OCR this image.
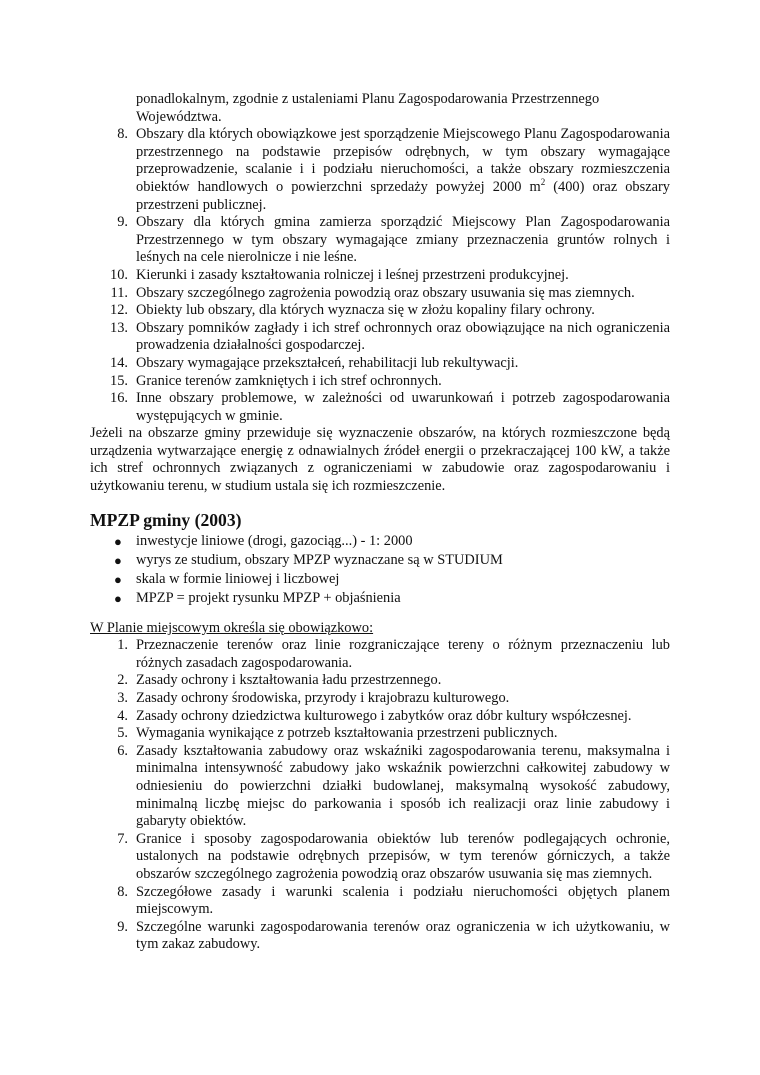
ponadlokalnym, zgodnie z ustaleniami Planu Zagospodarowania Przestrzennego
Województwa.
8. Obszary dla których obowiązkowe jest sporządzenie Miejscowego Planu Zagospodarowania przestrzennego na podstawie przepisów odrębnych, w tym obszary wymagające przeprowadzenie, scalanie i i podziału nieruchomości, a także obszary rozmieszczenia obiektów handlowych o powierzchni sprzedaży powyżej 2000 $m^2$ (400) oraz obszary przestrzeni publicznej.
9. Obszary dla których gmina zamierza sporządzić Miejscowy Plan Zagospodarowania Przestrzennego w tym obszary wymagające zmiany przeznaczenia gruntów rolnych i leśnych na cele nierolnicze i nie leśne.
10. Kierunki i zasady kształtowania rolniczej i leśnej przestrzeni produkcyjnej.
11. Obszary szczególnego zagrożenia powodzią oraz obszary usuwania się mas ziemnych.
12. Obiekty lub obszary, dla których wyznacza się w złożu kopaliny filary ochrony.
13. Obszary pomników zagłady i ich stref ochronnych oraz obowiązujące na nich ograniczenia prowadzenia działalności gospodarczej.
14. Obszary wymagające przekształceń, rehabilitacji lub rekultywacji.
15. Granice terenów zamkniętych i ich stref ochronnych.
16. Inne obszary problemowe, w zależności od uwarunkowań i potrzeb zagospodarowania występujących w gminie.

Jeżeli na obszarze gminy przewiduje się wyznaczenie obszarów, na których rozmieszczone będą urządzenia wytwarzające energię z odnawialnych źródeł energii o przekraczającej 100 kW, a także ich stref ochronnych związanych z ograniczeniami w zabudowie oraz zagospodarowaniu i użytkowaniu terenu, w studium ustala się ich rozmieszczenie.

MPZP gminy (2003)
● inwestycje liniowe (drogi, gazociąg...) - 1: 2000
● wyrys ze studium, obszary MPZP wyznaczane są w STUDIUM
● skala w formie liniowej i liczbowej
● MPZP = projekt rysunku MPZP + objaśnienia
W Planie miejscowym określa się obowiązkowo:
1. Przeznaczenie terenów oraz linie rozgraniczające tereny o różnym przeznaczeniu lub różnych zasadach zagospodarowania.
2. Zasady ochrony i kształtowania ładu przestrzennego.
3. Zasady ochrony środowiska, przyrody i krajobrazu kulturowego.
4. Zasady ochrony dziedzictwa kulturowego i zabytków oraz dóbr kultury współczesnej.
5. Wymagania wynikające z potrzeb kształtowania przestrzeni publicznych.
6. Zasady kształtowania zabudowy oraz wskaźniki zagospodarowania terenu, maksymalna i minimalna intensywność zabudowy jako wskaźnik powierzchni całkowitej zabudowy w odniesieniu do powierzchni działki budowlanej, maksymalną wysokość zabudowy, minimalną liczbę miejsc do parkowania i sposób ich realizacji oraz linie zabudowy i gabaryty obiektów.
7. Granice i sposoby zagospodarowania obiektów lub terenów podlegających ochronie, ustalonych na podstawie odrębnych przepisów, w tym terenów górniczych, a także obszarów szczególnego zagrożenia powodzią oraz obszarów usuwania się mas ziemnych.
8. Szczegółowe zasady i warunki scalenia i podziału nieruchomości objętych planem miejscowym.
9. Szczególne warunki zagospodarowania terenów oraz ograniczenia w ich użytkowaniu, w tym zakaz zabudowy.
